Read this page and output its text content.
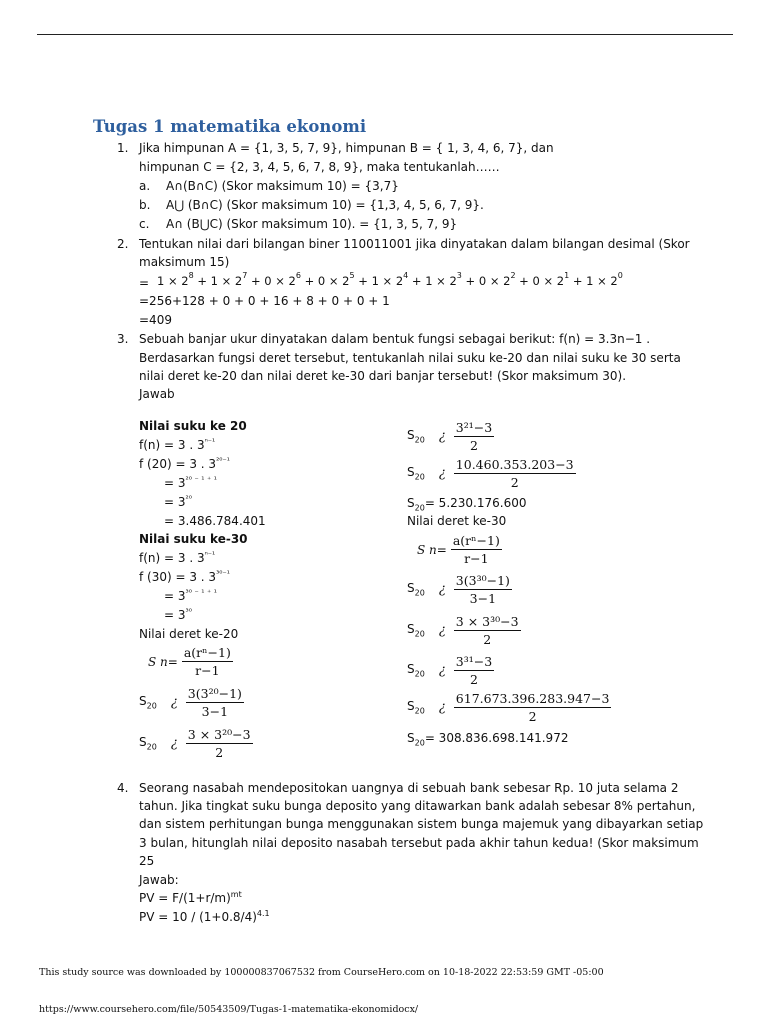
Tugas 1 matematika ekonomi
1. Jika himpunan A = {1, 3, 5, 7, 9}, himpunan B = { 1, 3, 4, 6, 7}, dan
himpunan C = {2, 3, 4, 5, 6, 7, 8, 9}, maka tentukanlah……
a. A∩(B∩C) (Skor maksimum 10) = {3,7}
b. A⋃ (B∩C) (Skor maksimum 10) = {1,3, 4, 5, 6, 7, 9}.
c. A∩ (B⋃C) (Skor maksimum 10). = {1, 3, 5, 7, 9}
2. Tentukan nilai dari bilangan biner 110011001 jika dinyatakan dalam bilangan desimal (Skor
maksimum 15)
= $1 \times 2^8 + 1 \times 2^7 + 0 \times 2^6 + 0 \times 2^5 + 1 \times 2^4 + 1 \times 2^3 + 0 \times 2^2 + 0 \times 2^1 + 1 \times 2^0$
=256+128 + 0 + 0 + 16 + 8 + 0 + 0 + 1
=409
3. Sebuah banjar ukur dinyatakan dalam bentuk fungsi sebagai berikut: f(n) = 3.3n−1 .
Berdasarkan fungsi deret tersebut, tentukanlah nilai suku ke-20 dan nilai suku ke 30 serta
nilai deret ke-20 dan nilai deret ke-30 dari banjar tersebut! (Skor maksimum 30).
Jawab
Nilai suku ke 20
f(n) = 3 . $3^{^{n-1}}$
f (20) = 3 . $3^{^{20-1}}$
= $3^{^{20} ^- ^1 ^+ ^1}$
= $3^{^{20}}$
= 3.486.784.401
Nilai suku ke-30
f(n) = 3 . $3^{^{n-1}}$
f (30) = 3 . $3^{^{30-1}}$
= $3^{^{30} ^- ^1 ^+ ^1}$
= $3^{^{30}}$
Nilai deret ke-20
S $n= \frac{\text{a(rⁿ−1)}}{r-1}$
$S_{20}$ ¿
3(3²⁰−1)
3−1
$S_{20}$ ¿
3 × 3²⁰−3
2
$S_{20}$ ¿
3²¹−3
2
$S_{20}$ ¿
10.460.353.203−3
2
$S_{20}= 5.230.176.600$
Nilai deret ke-30
S $n= \frac{\text{a(rⁿ−1)}}{r-1}$
$S_{20}$ ¿
3(3³⁰−1)
3−1
$S_{20}$ ¿
3 × 3³⁰−3
2
$S_{20}$ ¿
3³¹−3
2
$S_{20}$ ¿
617.673.396.283.947−3
2
$S_{20}= 308.836.698.141.972$
4. Seorang nasabah mendepositokan uangnya di sebuah bank sebesar Rp. 10 juta selama 2
tahun. Jika tingkat suku bunga deposito yang ditawarkan bank adalah sebesar 8% pertahun,
dan sistem perhitungan bunga menggunakan sistem bunga majemuk yang dibayarkan setiap
3 bulan, hitunglah nilai deposito nasabah tersebut pada akhir tahun kedua! (Skor maksimum
25
Jawab:
PV = $F/(1+r/m)^{mt}$
PV = $10 / (1+0.8/4)^{4.1}$
This study source was downloaded by 100000837067532 from CourseHero.com on 10-18-2022 22:53:59 GMT -05:00
https://www.coursehero.com/file/50543509/Tugas-1-matematika-ekonomidocx/
